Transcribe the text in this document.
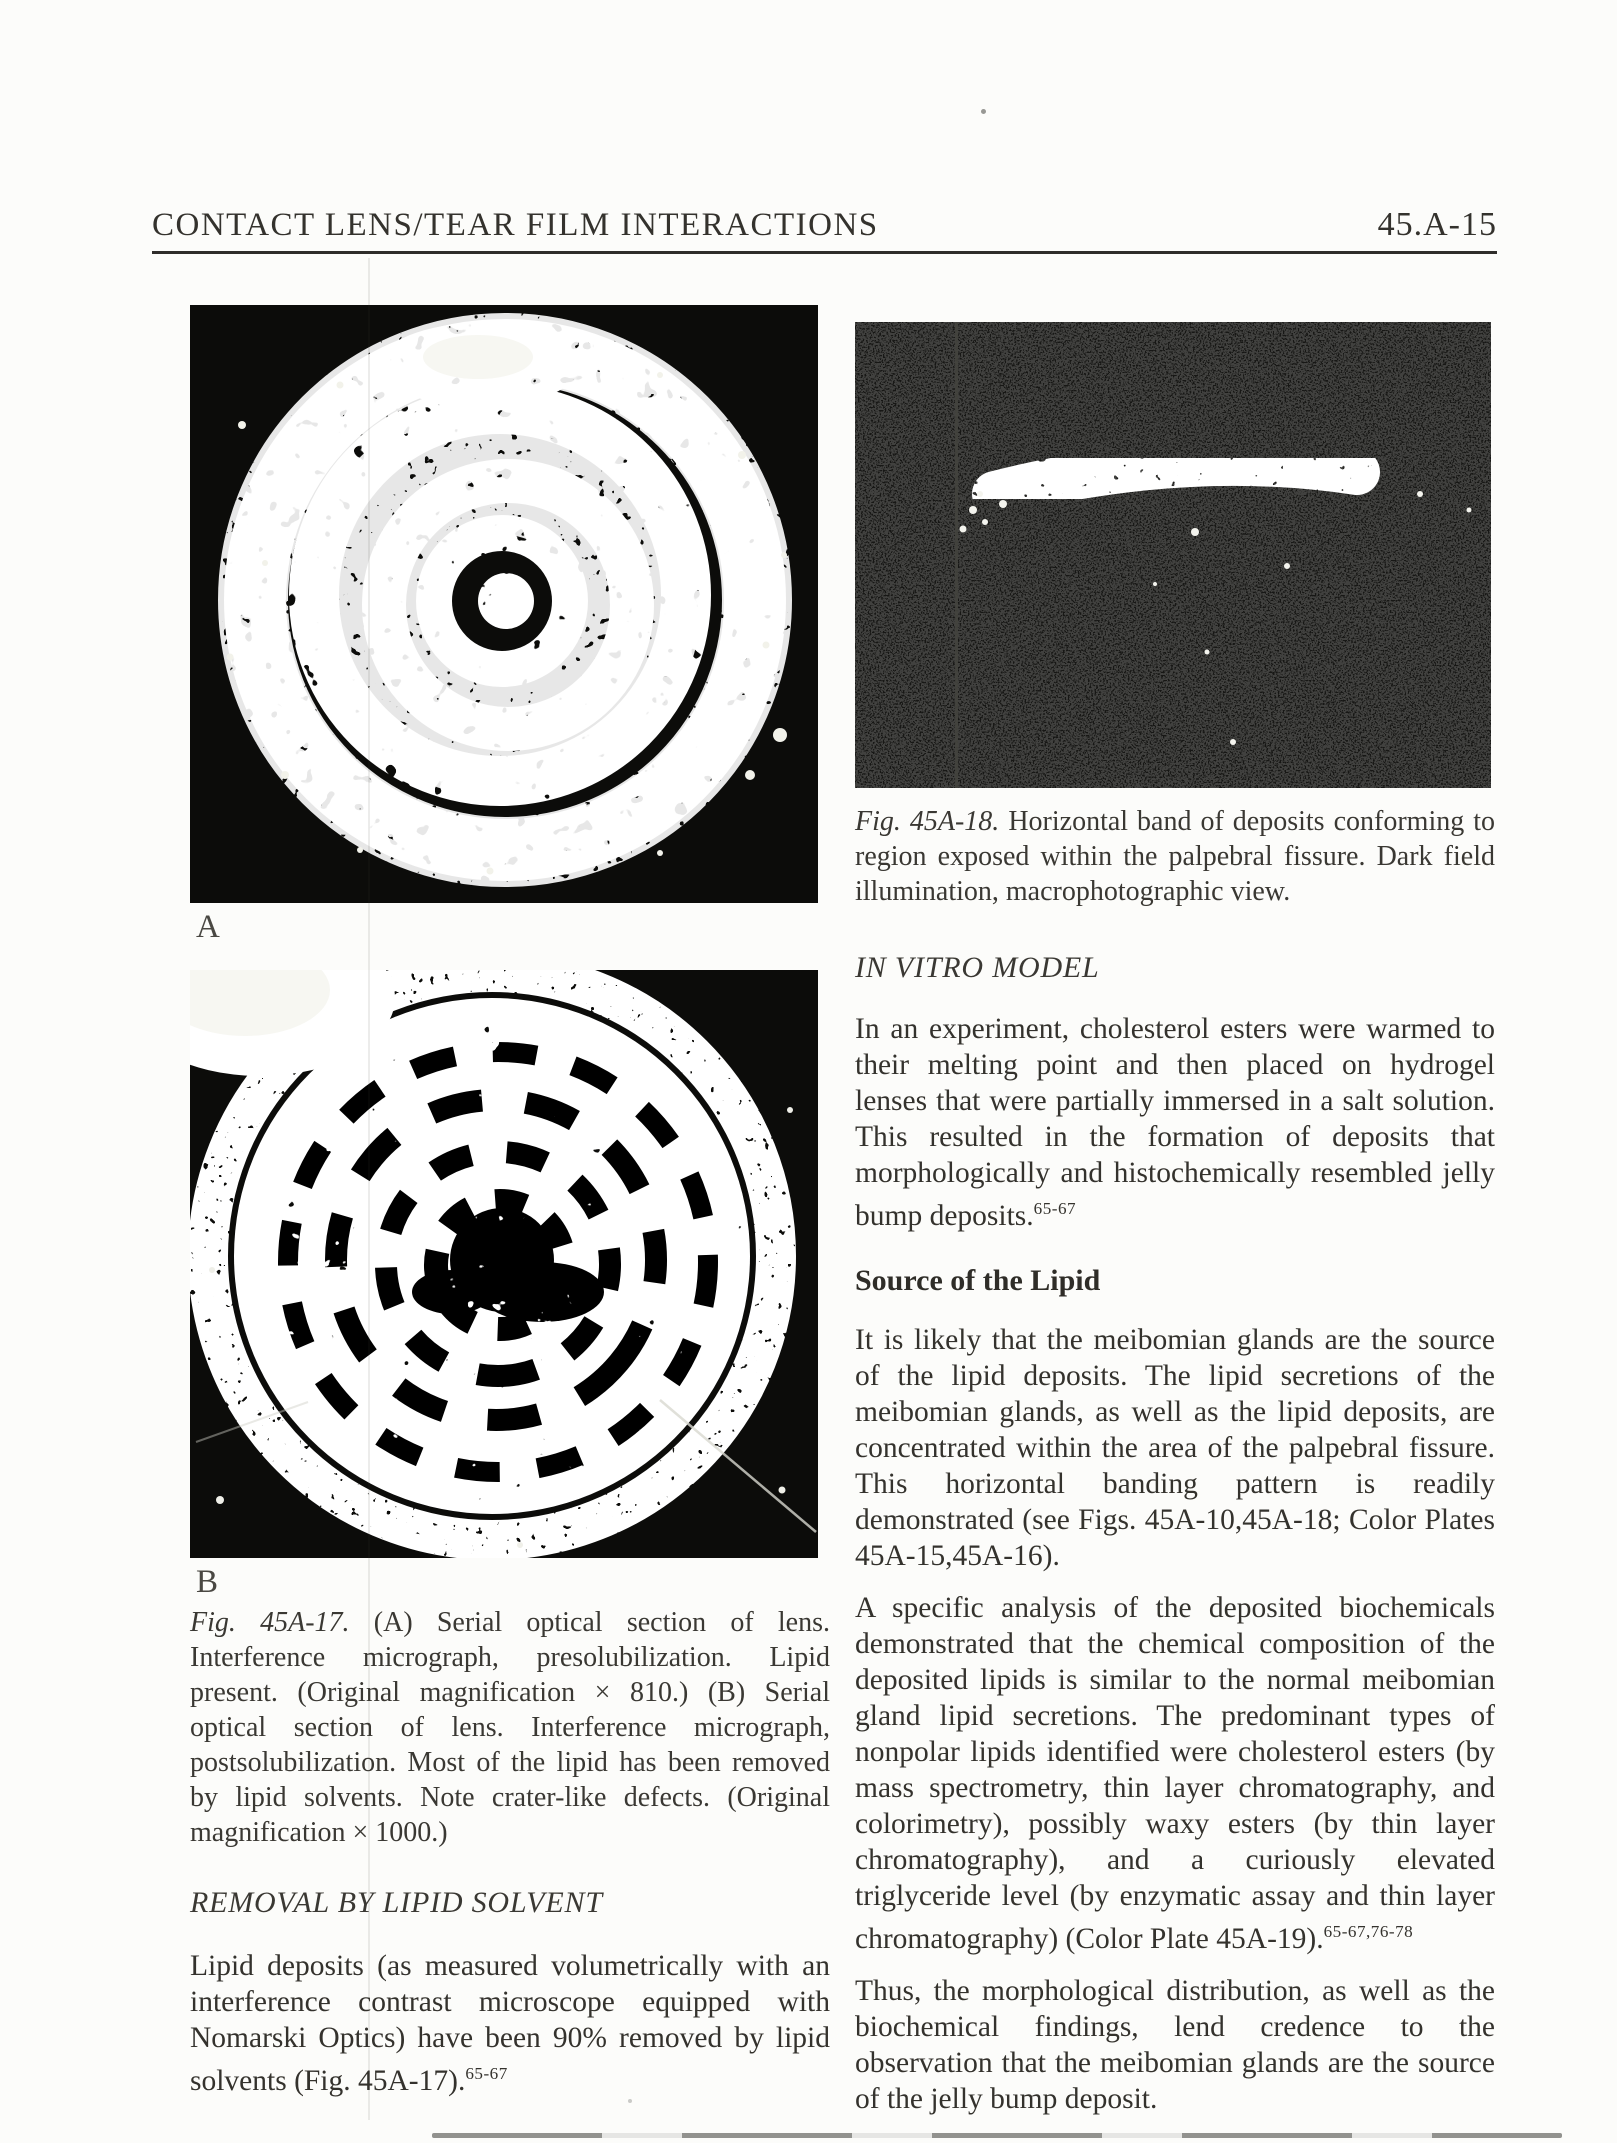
CONTACT LENS/TEAR FILM INTERACTIONS	45.A-15
A
B

Fig. 45A-17. (A) Serial optical section of lens. Interference micrograph, presolubilization. Lipid present. (Original magnification × 810.) (B) Serial optical section of lens. Interference micrograph, postsolubilization. Most of the lipid has been removed by lipid solvents. Note crater-like defects. (Original magnification × 1000.)

REMOVAL BY LIPID SOLVENT

Lipid deposits (as measured volumetrically with an interference contrast microscope equipped with Nomarski Optics) have been 90% removed by lipid solvents (Fig. 45A-17).$^{65-67}$

Fig. 45A-18. Horizontal band of deposits conforming to region exposed within the palpebral fissure. Dark field illumination, macrophotographic view.

IN VITRO MODEL

In an experiment, cholesterol esters were warmed to their melting point and then placed on hydrogel lenses that were partially immersed in a salt solution. This resulted in the formation of deposits that morphologically and histochemically resembled jelly bump deposits.$^{65-67}$

Source of the Lipid

It is likely that the meibomian glands are the source of the lipid deposits. The lipid secretions of the meibomian glands, as well as the lipid deposits, are concentrated within the area of the palpebral fissure. This horizontal banding pattern is readily demonstrated (see Figs. 45A-10,45A-18; Color Plates 45A-15,45A-16).

A specific analysis of the deposited biochemicals demonstrated that the chemical composition of the deposited lipids is similar to the normal meibomian gland lipid secretions. The predominant types of nonpolar lipids identified were cholesterol esters (by mass spectrometry, thin layer chromatography, and colorimetry), possibly waxy esters (by thin layer chromatography), and a curiously elevated triglyceride level (by enzymatic assay and thin layer chromatography) (Color Plate 45A-19).$^{65-67,76-78}$

Thus, the morphological distribution, as well as the biochemical findings, lend credence to the observation that the meibomian glands are the source of the jelly bump deposit.
